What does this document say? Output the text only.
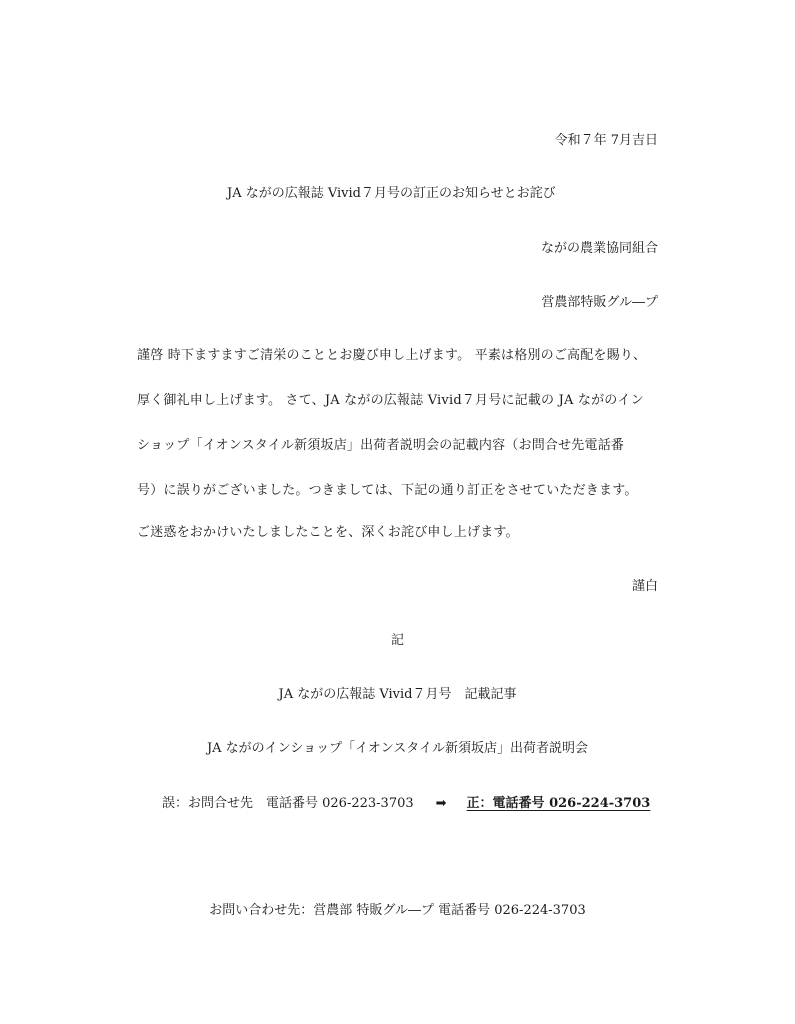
令和７年 7月吉日
JA ながの広報誌 Vivid７月号の訂正のお知らせとお詫び
ながの農業協同組合
営農部特販グル―プ
謹啓 時下ますますご清栄のこととお慶び申し上げます。 平素は格別のご高配を賜り、
厚く御礼申し上げます。 さて、JA ながの広報誌 Vivid７月号に記載の JA ながのイン
ショップ「イオンスタイル新須坂店」出荷者説明会の記載内容（お問合せ先電話番
号）に誤りがございました。つきましては、下記の通り訂正をさせていただきます。
ご迷惑をおかけいたしましたことを、深くお詫び申し上げます。
謹白
記
JA ながの広報誌 Vivid７月号　記載記事
JA ながのインショップ「イオンスタイル新須坂店」出荷者説明会
誤：お問合せ先　電話番号 026-223-3703 ➡ 正：電話番号 026-224-3703
お問い合わせ先：営農部 特販グル―プ 電話番号 026-224-3703
